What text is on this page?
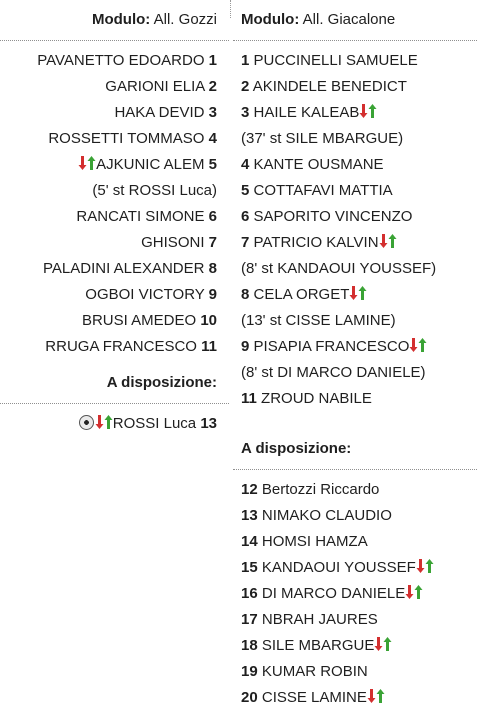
Modulo: All. Gozzi
PAVANETTO EDOARDO 1
GARIONI ELIA 2
HAKA DEVID 3
ROSSETTI TOMMASO 4
AJKUNIC ALEM 5
(5' st ROSSI Luca)
RANCATI SIMONE 6
GHISONI 7
PALADINI ALEXANDER 8
OGBOI VICTORY 9
BRUSI AMEDEO 10
RRUGA FRANCESCO 11
A disposizione:
ROSSI Luca 13
Modulo: All. Giacalone
1 PUCCINELLI SAMUELE
2 AKINDELE BENEDICT
3 HAILE KALEAB
(37' st SILE MBARGUE)
4 KANTE OUSMANE
5 COTTAFAVI MATTIA
6 SAPORITO VINCENZO
7 PATRICIO KALVIN
(8' st KANDAOUI YOUSSEF)
8 CELA ORGET
(13' st CISSE LAMINE)
9 PISAPIA FRANCESCO
(8' st DI MARCO DANIELE)
11 ZROUD NABILE
A disposizione:
12 Bertozzi Riccardo
13 NIMAKO CLAUDIO
14 HOMSI HAMZA
15 KANDAOUI YOUSSEF
16 DI MARCO DANIELE
17 NBRAH JAURES
18 SILE MBARGUE
19 KUMAR ROBIN
20 CISSE LAMINE
